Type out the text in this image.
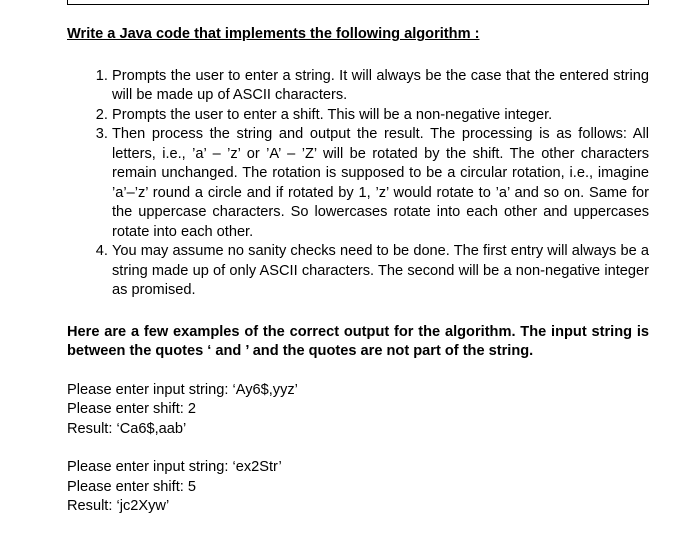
Write a Java code that implements the following algorithm :

1. Prompts the user to enter a string. It will always be the case that the entered string will be made up of ASCII characters.
2. Prompts the user to enter a shift. This will be a non-negative integer.
3. Then process the string and output the result. The processing is as follows: All letters, i.e., ’a’ – ’z’ or ’A’ – ’Z’ will be rotated by the shift. The other characters remain unchanged. The rotation is supposed to be a circular rotation, i.e., imagine ’a’–’z’ round a circle and if rotated by 1, ’z’ would rotate to ’a’ and so on. Same for the uppercase characters. So lowercases rotate into each other and uppercases rotate into each other.
4. You may assume no sanity checks need to be done. The first entry will always be a string made up of only ASCII characters. The second will be a non-negative integer as promised.

Here are a few examples of the correct output for the algorithm. The input string is between the quotes ‘ and ’ and the quotes are not part of the string.

Please enter input string: ‘Ay6$,yyz’
Please enter shift: 2
Result: ‘Ca6$,aab’
Please enter input string: ‘ex2Str’
Please enter shift: 5
Result: ‘jc2Xyw’
